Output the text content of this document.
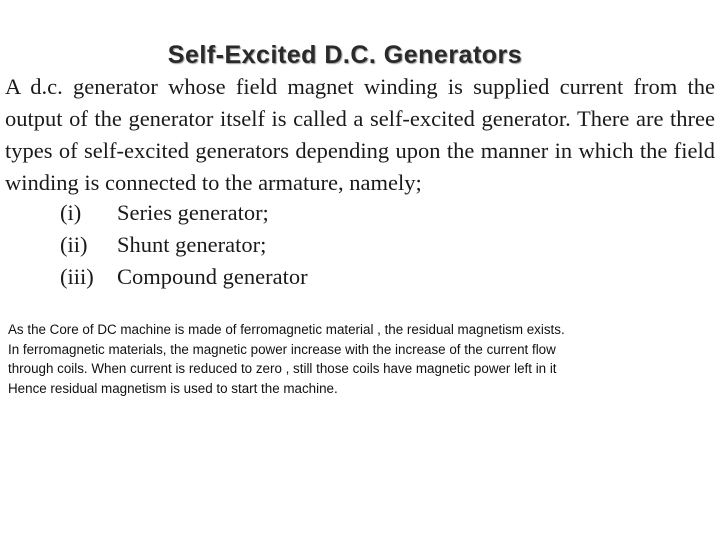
Self-Excited D.C. Generators

A d.c. generator whose field magnet winding is supplied current from the output of the generator itself is called a self-excited generator. There are three types of self-excited generators depending upon the manner in which the field winding is connected to the armature, namely;

(i)	Series generator;
(ii)	Shunt generator;
(iii)	Compound generator

As the Core of DC machine is made of ferromagnetic material , the residual magnetism exists.
In ferromagnetic materials, the magnetic power increase with the increase of the current flow
through coils. When current is reduced to zero , still those coils have magnetic power left in it
Hence residual magnetism is used to start the machine.
